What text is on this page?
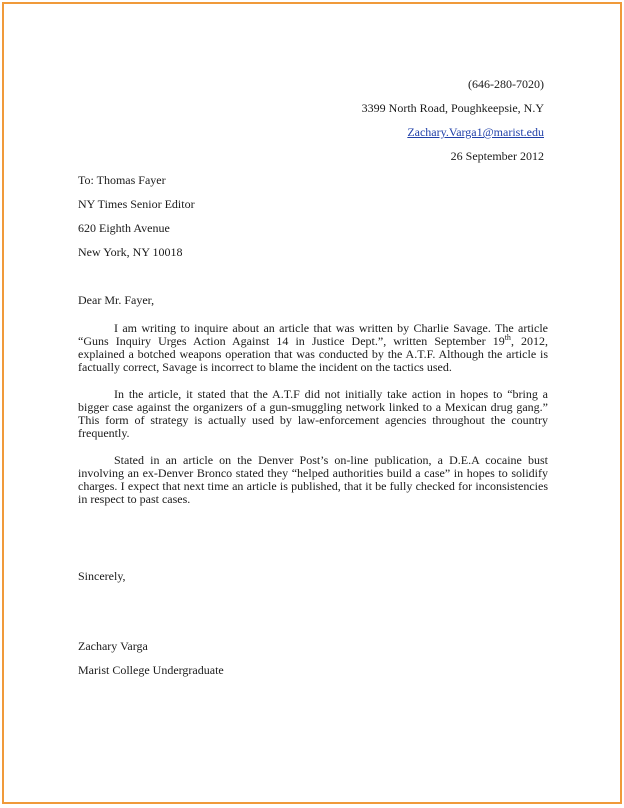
(646-280-7020)
3399 North Road, Poughkeepsie, N.Y
Zachary.Varga1@marist.edu
26 September 2012
To: Thomas Fayer
NY Times Senior Editor
620 Eighth Avenue
New York, NY 10018
Dear Mr. Fayer,
I am writing to inquire about an article that was written by Charlie Savage. The article “Guns Inquiry Urges Action Against 14 in Justice Dept.”, written September 19th, 2012, explained a botched weapons operation that was conducted by the A.T.F. Although the article is factually correct, Savage is incorrect to blame the incident on the tactics used.
In the article, it stated that the A.T.F did not initially take action in hopes to “bring a bigger case against the organizers of a gun-smuggling network linked to a Mexican drug gang.” This form of strategy is actually used by law-enforcement agencies throughout the country frequently.
Stated in an article on the Denver Post’s on-line publication, a D.E.A cocaine bust involving an ex-Denver Bronco stated they “helped authorities build a case” in hopes to solidify charges. I expect that next time an article is published, that it be fully checked for inconsistencies in respect to past cases.
Sincerely,
Zachary Varga
Marist College Undergraduate
